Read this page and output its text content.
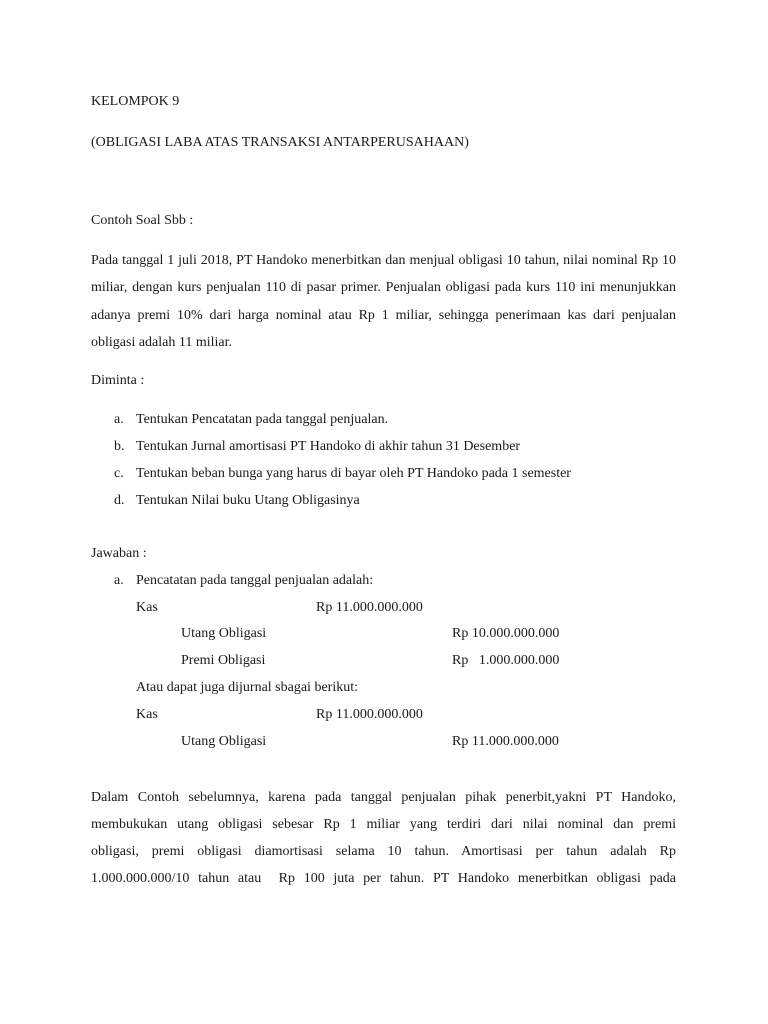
KELOMPOK 9
(OBLIGASI LABA ATAS TRANSAKSI ANTARPERUSAHAAN)
Contoh Soal Sbb :
Pada tanggal 1 juli 2018, PT Handoko menerbitkan dan menjual obligasi 10 tahun, nilai nominal Rp 10 miliar, dengan kurs penjualan 110 di pasar primer. Penjualan obligasi pada kurs 110 ini menunjukkan adanya premi 10% dari harga nominal atau Rp 1 miliar, sehingga penerimaan kas dari penjualan obligasi adalah 11 miliar.
Diminta :
a. Tentukan Pencatatan pada tanggal penjualan.
b. Tentukan Jurnal amortisasi PT Handoko di akhir tahun 31 Desember
c. Tentukan beban bunga yang harus di bayar oleh PT Handoko pada 1 semester
d. Tentukan Nilai buku Utang Obligasinya
Jawaban :
a. Pencatatan pada tanggal penjualan adalah:
Kas	Rp 11.000.000.000
Utang Obligasi	Rp 10.000.000.000
Premi Obligasi	Rp   1.000.000.000
Atau dapat juga dijurnal sbagai berikut:
Kas	Rp 11.000.000.000
Utang Obligasi	Rp 11.000.000.000
Dalam Contoh sebelumnya, karena pada tanggal penjualan pihak penerbit,yakni PT Handoko,
membukukan utang obligasi sebesar Rp 1 miliar yang terdiri dari nilai nominal dan premi
obligasi, premi obligasi diamortisasi selama 10 tahun. Amortisasi per tahun adalah Rp
1.000.000.000/10 tahun atau  Rp 100 juta per tahun. PT Handoko menerbitkan obligasi pada
